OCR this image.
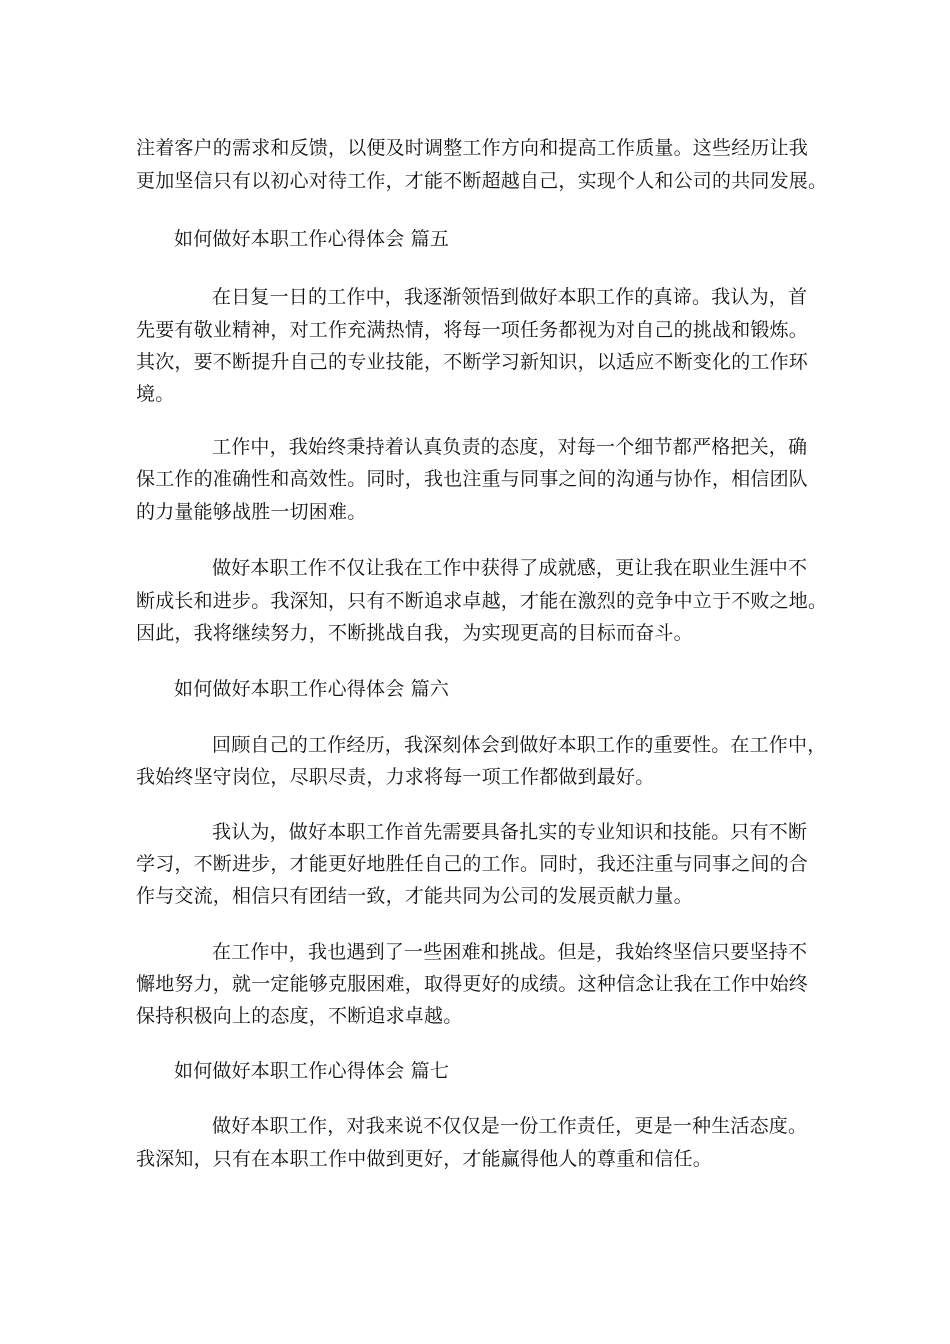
注着客户的需求和反馈，以便及时调整工作方向和提高工作质量。这些经历让我
更加坚信只有以初心对待工作，才能不断超越自己，实现个人和公司的共同发展。
如何做好本职工作心得体会 篇五
在日复一日的工作中，我逐渐领悟到做好本职工作的真谛。我认为，首
先要有敬业精神，对工作充满热情，将每一项任务都视为对自己的挑战和锻炼。
其次，要不断提升自己的专业技能，不断学习新知识，以适应不断变化的工作环
境。
工作中，我始终秉持着认真负责的态度，对每一个细节都严格把关，确
保工作的准确性和高效性。同时，我也注重与同事之间的沟通与协作，相信团队
的力量能够战胜一切困难。
做好本职工作不仅让我在工作中获得了成就感，更让我在职业生涯中不
断成长和进步。我深知，只有不断追求卓越，才能在激烈的竞争中立于不败之地。
因此，我将继续努力，不断挑战自我，为实现更高的目标而奋斗。
如何做好本职工作心得体会 篇六
回顾自己的工作经历，我深刻体会到做好本职工作的重要性。在工作中，
我始终坚守岗位，尽职尽责，力求将每一项工作都做到最好。
我认为，做好本职工作首先需要具备扎实的专业知识和技能。只有不断
学习，不断进步，才能更好地胜任自己的工作。同时，我还注重与同事之间的合
作与交流，相信只有团结一致，才能共同为公司的发展贡献力量。
在工作中，我也遇到了一些困难和挑战。但是，我始终坚信只要坚持不
懈地努力，就一定能够克服困难，取得更好的成绩。这种信念让我在工作中始终
保持积极向上的态度，不断追求卓越。
如何做好本职工作心得体会 篇七
做好本职工作，对我来说不仅仅是一份工作责任，更是一种生活态度。
我深知，只有在本职工作中做到更好，才能赢得他人的尊重和信任。
